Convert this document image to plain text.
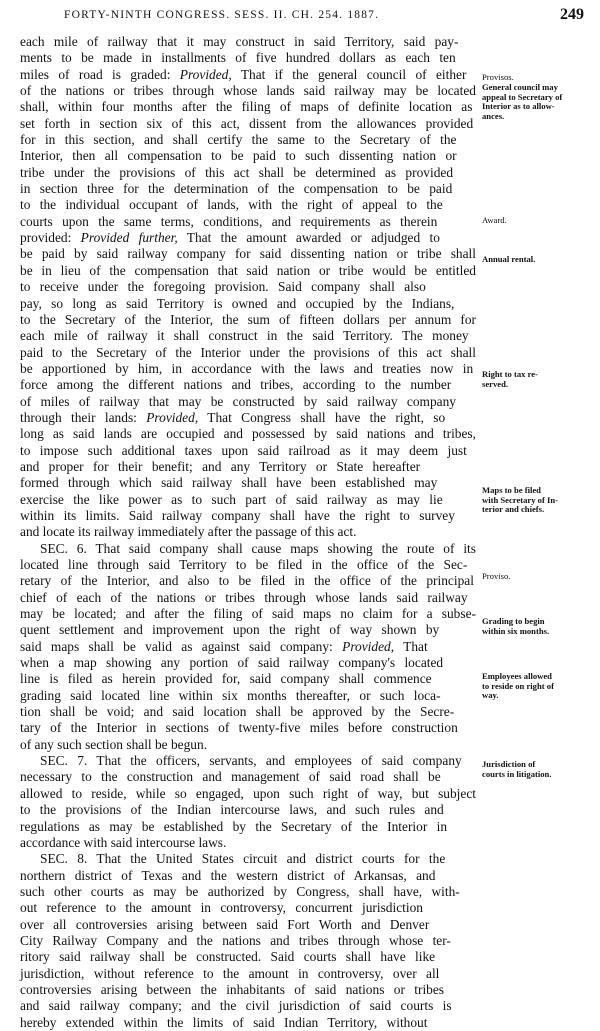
FORTY-NINTH CONGRESS. SESS. II. CH. 254. 1887.	249
each mile of railway that it may construct in said Territory, said pay-
ments to be made in installments of five hundred dollars as each ten
miles of road is graded: Provided, That if the general council of either
of the nations or tribes through whose lands said railway may be located
shall, within four months after the filing of maps of definite location as
set forth in section six of this act, dissent from the allowances provided
for in this section, and shall certify the same to the Secretary of the
Interior, then all compensation to be paid to such dissenting nation or
tribe under the provisions of this act shall be determined as provided
in section three for the determination of the compensation to be paid
to the individual occupant of lands, with the right of appeal to the
courts upon the same terms, conditions, and requirements as therein
provided: Provided further, That the amount awarded or adjudged to
be paid by said railway company for said dissenting nation or tribe shall
be in lieu of the compensation that said nation or tribe would be entitled
to receive under the foregoing provision. Said company shall also
pay, so long as said Territory is owned and occupied by the Indians,
to the Secretary of the Interior, the sum of fifteen dollars per annum for
each mile of railway it shall construct in the said Territory. The money
paid to the Secretary of the Interior under the provisions of this act shall
be apportioned by him, in accordance with the laws and treaties now in
force among the different nations and tribes, according to the number
of miles of railway that may be constructed by said railway company
through their lands: Provided, That Congress shall have the right, so
long as said lands are occupied and possessed by said nations and tribes,
to impose such additional taxes upon said railroad as it may deem just
and proper for their benefit; and any Territory or State hereafter
formed through which said railway shall have been established may
exercise the like power as to such part of said railway as may lie
within its limits. Said railway company shall have the right to survey
and locate its railway immediately after the passage of this act.
SEC. 6. That said company shall cause maps showing the route of its
located line through said Territory to be filed in the office of the Sec-
retary of the Interior, and also to be filed in the office of the principal
chief of each of the nations or tribes through whose lands said railway
may be located; and after the filing of said maps no claim for a subse-
quent settlement and improvement upon the right of way shown by
said maps shall be valid as against said company: Provided, That
when a map showing any portion of said railway company's located
line is filed as herein provided for, said company shall commence
grading said located line within six months thereafter, or such loca-
tion shall be void; and said location shall be approved by the Secre-
tary of the Interior in sections of twenty-five miles before construction
of any such section shall be begun.
SEC. 7. That the officers, servants, and employees of said company
necessary to the construction and management of said road shall be
allowed to reside, while so engaged, upon such right of way, but subject
to the provisions of the Indian intercourse laws, and such rules and
regulations as may be established by the Secretary of the Interior in
accordance with said intercourse laws.
SEC. 8. That the United States circuit and district courts for the
northern district of Texas and the western district of Arkansas, and
such other courts as may be authorized by Congress, shall have, with-
out reference to the amount in controversy, concurrent jurisdiction
over all controversies arising between said Fort Worth and Denver
City Railway Company and the nations and tribes through whose ter-
ritory said railway shall be constructed. Said courts shall have like
jurisdiction, without reference to the amount in controversy, over all
controversies arising between the inhabitants of said nations or tribes
and said railway company; and the civil jurisdiction of said courts is
hereby extended within the limits of said Indian Territory, without
Provisos.
General council may
appeal to Secretary of
Interior as to allow-
ances.
Award.
Annual rental.
Right to tax re-
served.
Maps to be filed
with Secretary of In-
terior and chiefs.
Proviso.
Grading to begin
within six months.
Employees allowed
to reside on right of
way.
Jurisdiction of
courts in litigation.
